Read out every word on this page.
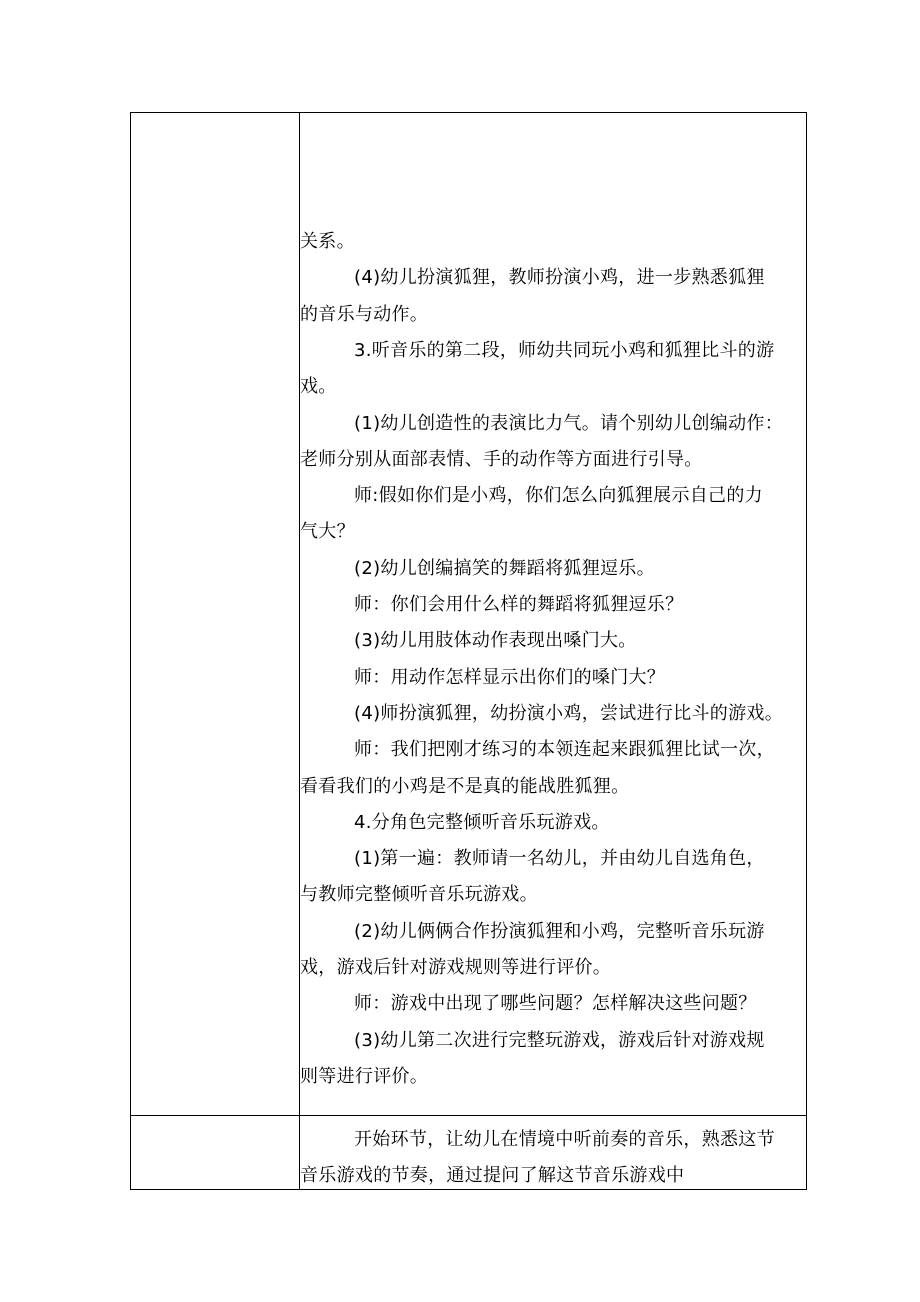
关系。
(4)幼儿扮演狐狸，教师扮演小鸡，进一步熟悉狐狸
的音乐与动作。
3.听音乐的第二段，师幼共同玩小鸡和狐狸比斗的游
戏。
(1)幼儿创造性的表演比力气。请个别幼儿创编动作：
老师分别从面部表情、手的动作等方面进行引导。
师:假如你们是小鸡，你们怎么向狐狸展示自己的力
气大？
(2)幼儿创编搞笑的舞蹈将狐狸逗乐。
师：你们会用什么样的舞蹈将狐狸逗乐？
(3)幼儿用肢体动作表现出嗓门大。
师：用动作怎样显示出你们的嗓门大？
(4)师扮演狐狸，幼扮演小鸡，尝试进行比斗的游戏。
师：我们把刚才练习的本领连起来跟狐狸比试一次，
看看我们的小鸡是不是真的能战胜狐狸。
4.分角色完整倾听音乐玩游戏。
(1)第一遍：教师请一名幼儿，并由幼儿自选角色，
与教师完整倾听音乐玩游戏。
(2)幼儿俩俩合作扮演狐狸和小鸡，完整听音乐玩游
戏，游戏后针对游戏规则等进行评价。
师：游戏中出现了哪些问题？怎样解决这些问题？
(3)幼儿第二次进行完整玩游戏，游戏后针对游戏规
则等进行评价。
开始环节，让幼儿在情境中听前奏的音乐，熟悉这节
音乐游戏的节奏，通过提问了解这节音乐游戏中
